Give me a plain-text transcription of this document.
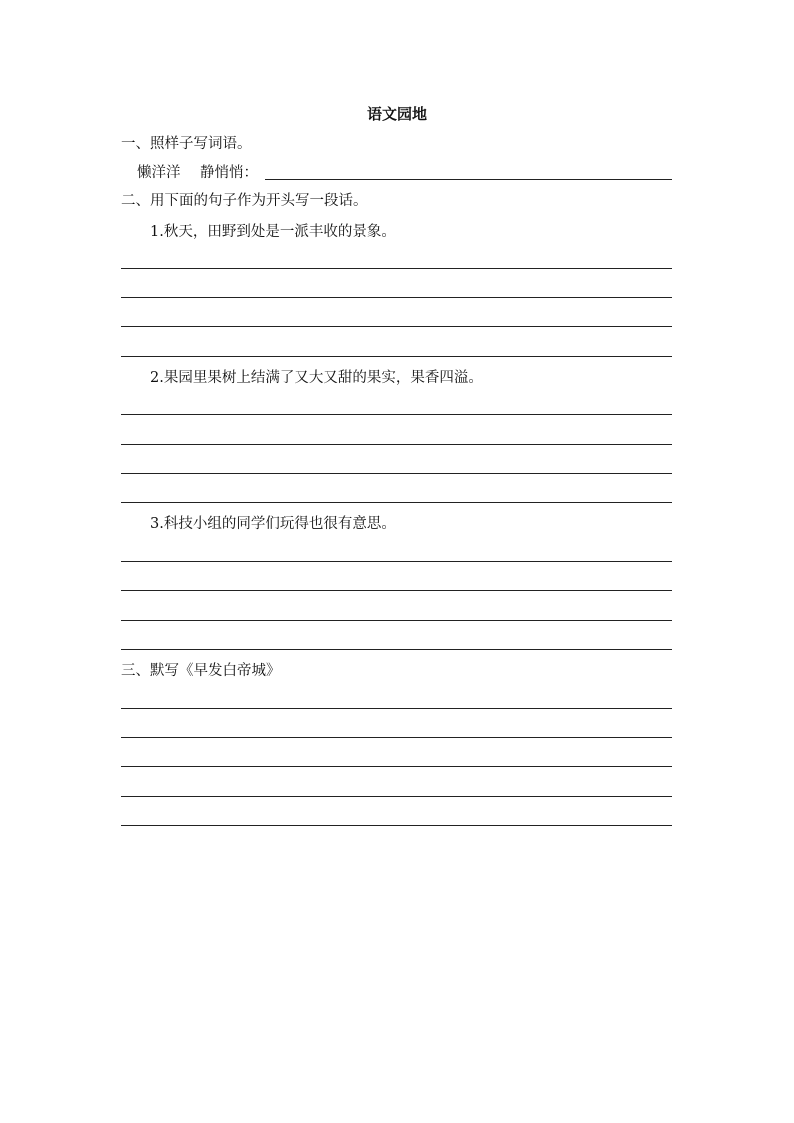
语文园地
一、照样子写词语。
懒洋洋 静悄悄：
二、用下面的句子作为开头写一段话。
1.秋天，田野到处是一派丰收的景象。
2.果园里果树上结满了又大又甜的果实，果香四溢。
3.科技小组的同学们玩得也很有意思。
三、默写《早发白帝城》
